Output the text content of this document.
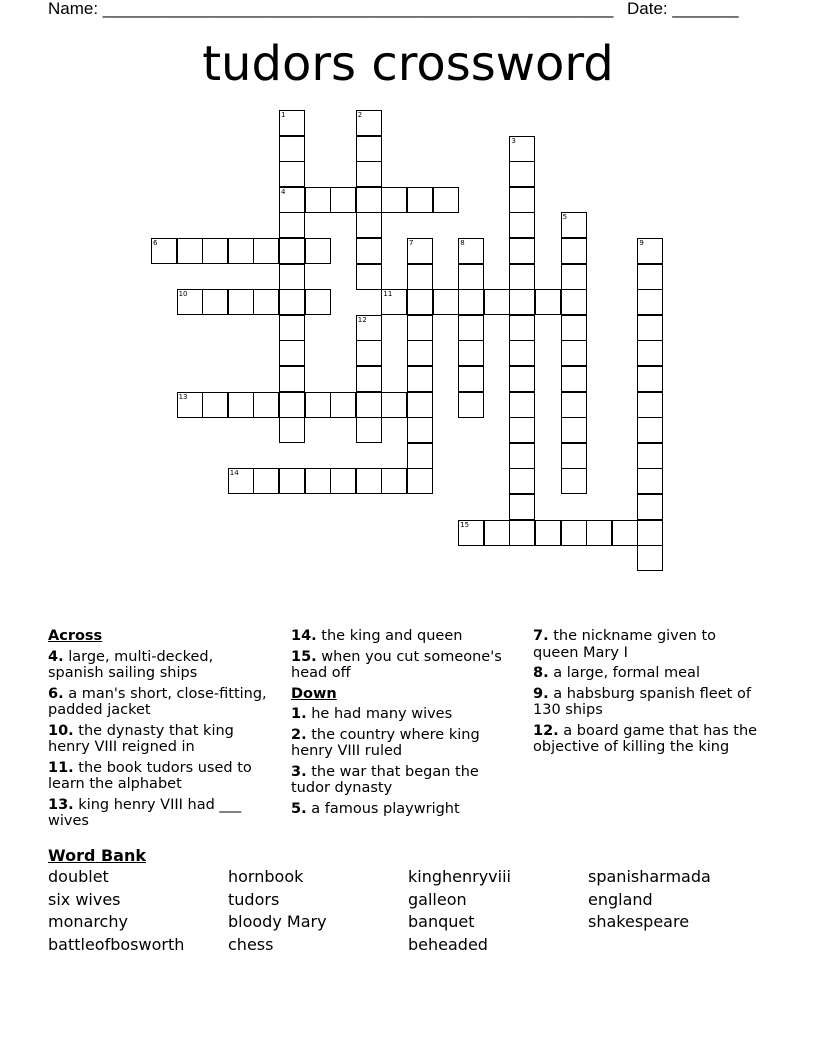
Name: ______________________________________________________ Date: _______
tudors crossword
1
4
2
3
5
6	7	8	9
10	11
12
13
14
15
Across
4. large, multi-decked, spanish sailing ships
6. a man's short, close-fitting, padded jacket
10. the dynasty that king henry VIII reigned in
11. the book tudors used to learn the alphabet
13. king henry VIII had ___ wives
14. the king and queen
15. when you cut someone's head off
Down
1. he had many wives
2. the country where king henry VIII ruled
3. the war that began the tudor dynasty
5. a famous playwright
7. the nickname given to queen Mary I
8. a large, formal meal
9. a habsburg spanish fleet of 130 ships
12. a board game that has the objective of killing the king
Word Bank
doublet	hornbook	kinghenryviii	spanisharmada
six wives	tudors	galleon	england
monarchy	bloody Mary	banquet	shakespeare
battleofbosworth	chess	beheaded
